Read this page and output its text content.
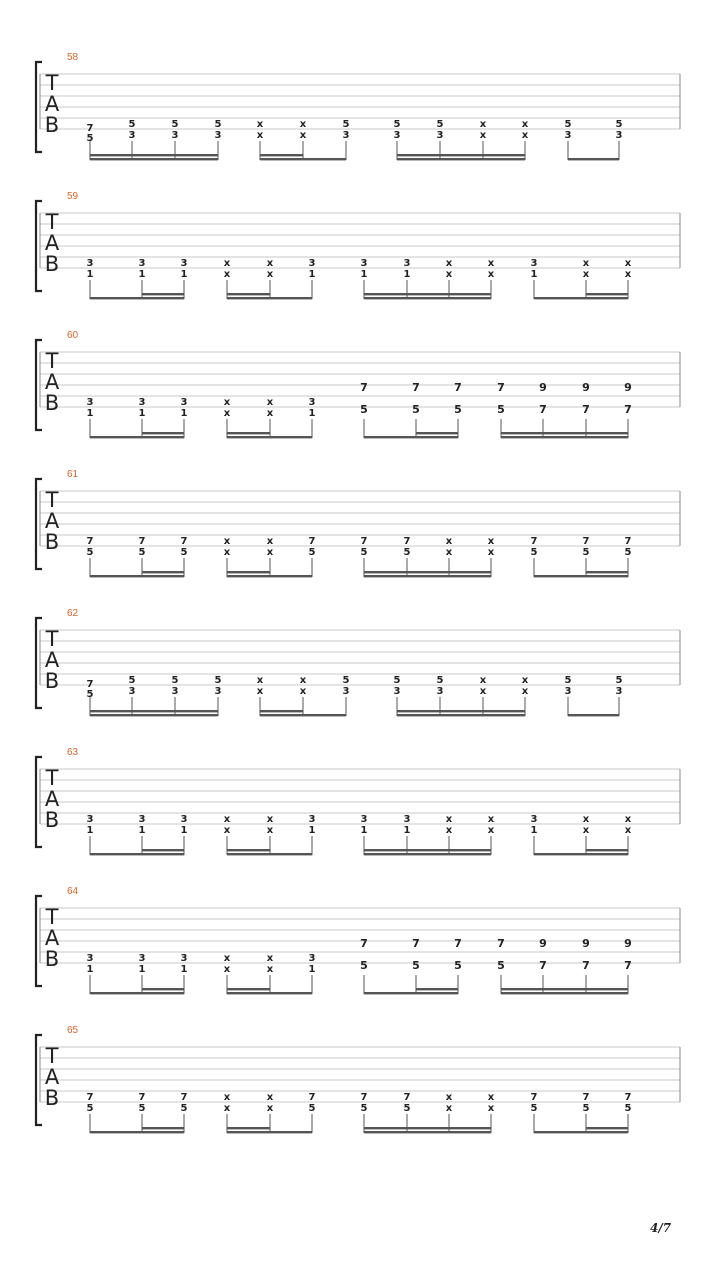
58
T
A
B	7
5
5
3
5
3
5
3
x
x
x
x
5
3
5
3
5
3
x
x
x
x
5
3
5
3
59
T
A
B	3
1
3
1
3
1
x
x
x
x
3
1
3
1
3
1
x
x
x
x
3
1
x
x
x
x
60
T
A
B	3
1
3
1
3
1
x
x
x
x
3
1
7
5
7
5
7
5
7
5
9
7
9
7
9
7
61
T
A
B	7
5
7
5
7
5
x
x
x
x
7
5
7
5
7
5
x
x
x
x
7
5
7
5
7
5
62
T
A
B	7
5
5
3
5
3
5
3
x
x
x
x
5
3
5
3
5
3
x
x
x
x
5
3
5
3
63
T
A
B	3
1
3
1
3
1
x
x
x
x
3
1
3
1
3
1
x
x
x
x
3
1
x
x
x
x
64
T
A
B	3
1
3
1
3
1
x
x
x
x
3
1
7
5
7
5
7
5
7
5
9
7
9
7
9
7
65
T
A
B	7
5
7
5
7
5
x
x
x
x
7
5
7
5
7
5
x
x
x
x
7
5
7
5
7
5
4/7
